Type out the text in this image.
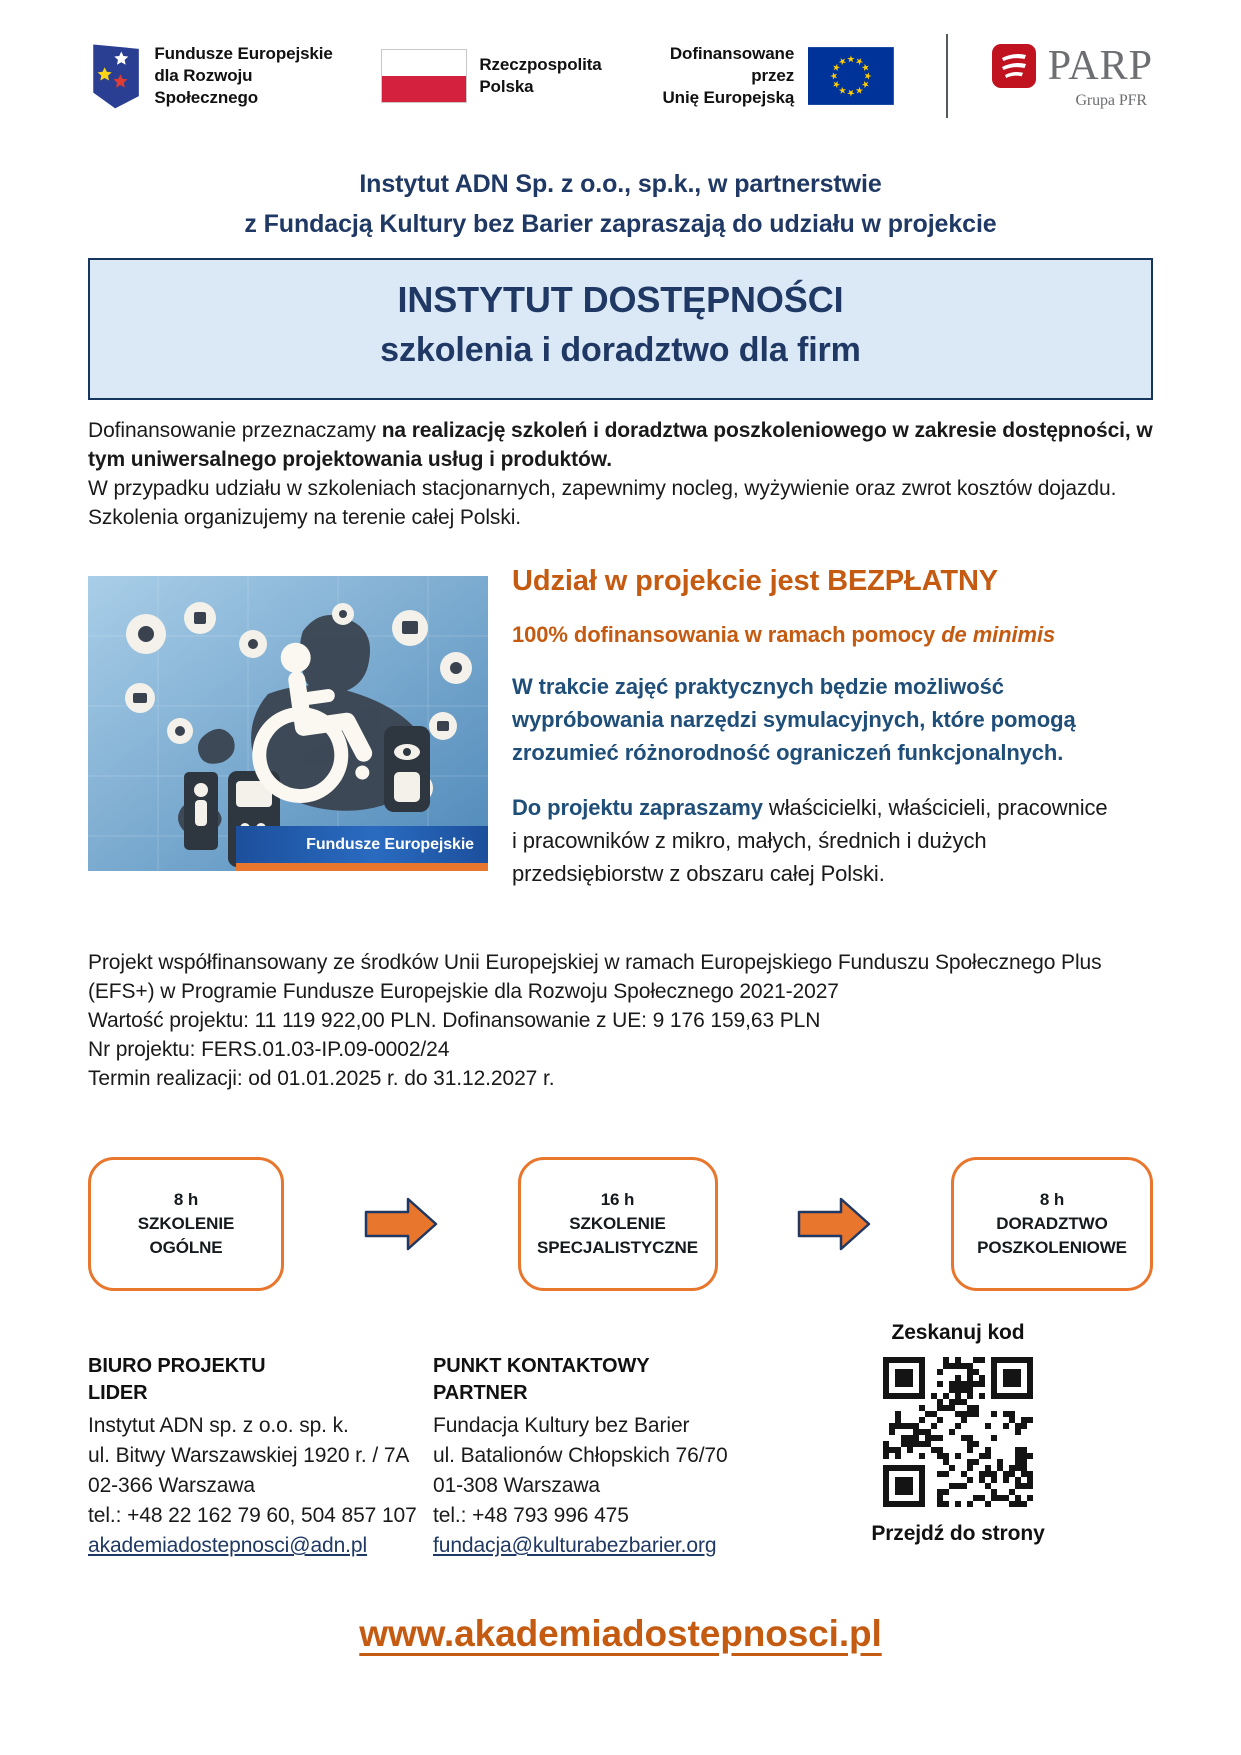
Fundusze Europejskie
dla Rozwoju Społecznego
Rzeczpospolita
Polska
Dofinansowane przez
Unię Europejską
PARP
Grupa PFR
Instytut ADN Sp. z o.o., sp.k., w partnerstwie
z Fundacją Kultury bez Barier zapraszają do udziału w projekcie
INSTYTUT DOSTĘPNOŚCI
szkolenia i doradztwo dla firm
Dofinansowanie przeznaczamy na realizację szkoleń i doradztwa poszkoleniowego w zakresie dostępności, w tym uniwersalnego projektowania usług i produktów.
W przypadku udziału w szkoleniach stacjonarnych, zapewnimy nocleg, wyżywienie oraz zwrot kosztów dojazdu. Szkolenia organizujemy na terenie całej Polski.
Fundusze Europejskie
Udział w projekcie jest BEZPŁATNY
100% dofinansowania w ramach pomocy de minimis
W trakcie zajęć praktycznych będzie możliwość wypróbowania narzędzi symulacyjnych, które pomogą zrozumieć różnorodność ograniczeń funkcjonalnych.
Do projektu zapraszamy właścicielki, właścicieli, pracownice i pracowników z mikro, małych, średnich i dużych przedsiębiorstw z obszaru całej Polski.
Projekt współfinansowany ze środków Unii Europejskiej w ramach Europejskiego Funduszu Społecznego Plus (EFS+) w Programie Fundusze Europejskie dla Rozwoju Społecznego 2021-2027
Wartość projektu: 11 119 922,00 PLN. Dofinansowanie z UE: 9 176 159,63 PLN
Nr projektu: FERS.01.03-IP.09-0002/24
Termin realizacji: od 01.01.2025 r. do 31.12.2027 r.
8 h
SZKOLENIE
OGÓLNE
16 h
SZKOLENIE
SPECJALISTYCZNE
8 h
DORADZTWO
POSZKOLENIOWE
BIURO PROJEKTU
LIDER
Instytut ADN sp. z o.o. sp. k.
ul. Bitwy Warszawskiej 1920 r. / 7A
02-366 Warszawa
tel.: +48 22 162 79 60, 504 857 107
akademiadostepnosci@adn.pl
PUNKT KONTAKTOWY
PARTNER
Fundacja Kultury bez Barier
ul. Batalionów Chłopskich 76/70
01-308 Warszawa
tel.: +48 793 996 475
fundacja@kulturabezbarier.org
Zeskanuj kod
Przejdź do strony
www.akademiadostepnosci.pl
